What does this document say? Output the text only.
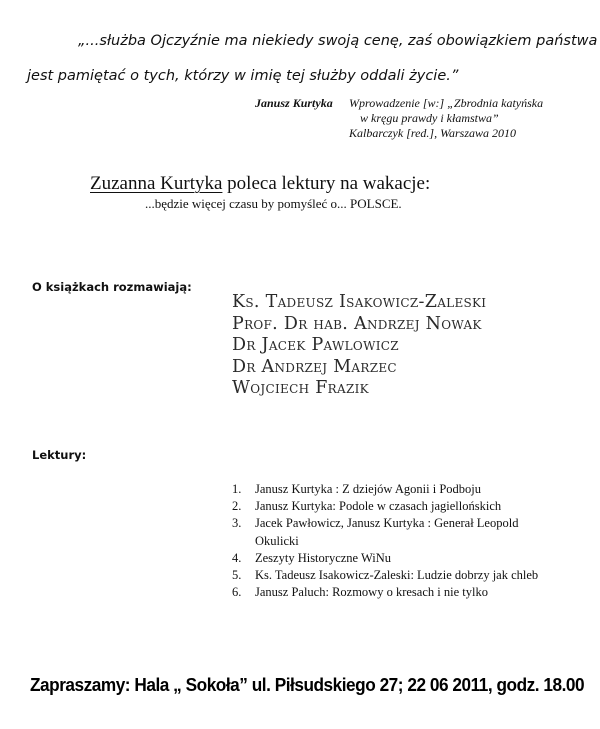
„...służba Ojczyźnie ma niekiedy swoją cenę, zaś obowiązkiem państwa
jest pamiętać o tych, którzy w imię tej służby oddali życie.”
Janusz Kurtyka Wprowadzenie [w:] „Zbrodnia katyńska
w kręgu prawdy i kłamstwa”
Kalbarczyk [red.], Warszawa 2010
Zuzanna Kurtyka poleca lektury na wakacje:
...będzie więcej czasu by pomyśleć o... POLSCE.
O książkach rozmawiają:
Ks. Tadeusz Isakowicz-Zaleski
Prof. Dr hab. Andrzej Nowak
Dr Jacek Pawlowicz
Dr Andrzej Marzec
Wojciech Frazik
Lektury:
1.	Janusz Kurtyka : Z dziejów Agonii i Podboju
2.	Janusz Kurtyka: Podole w czasach jagiellońskich
3.	Jacek Pawłowicz, Janusz Kurtyka : Generał Leopold
Okulicki
4.	Zeszyty Historyczne WiNu
5.	Ks. Tadeusz Isakowicz-Zaleski: Ludzie dobrzy jak chleb
6.	Janusz Paluch: Rozmowy o kresach i nie tylko
Zapraszamy: Hala „ Sokoła” ul. Piłsudskiego 27; 22 06 2011, godz. 18.00
